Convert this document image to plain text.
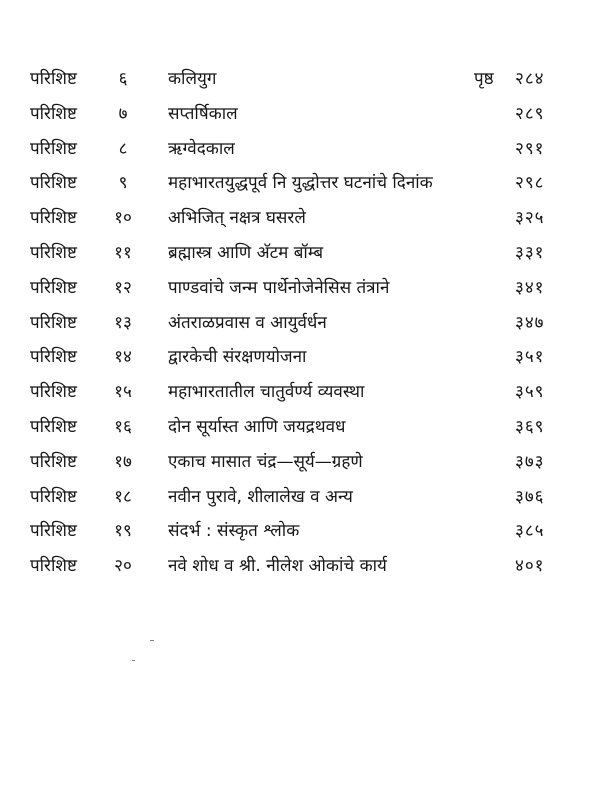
परिशिष्ट	६	कलियुग	पृष्ठ २८४
परिशिष्ट	७	सप्तर्षिकाल	२८९
परिशिष्ट	८	ऋग्वेदकाल	२९१
परिशिष्ट	९	महाभारतयुद्धपूर्व नि युद्धोत्तर घटनांचे दिनांक	२९८
परिशिष्ट	१०	अभिजित् नक्षत्र घसरले	३२५
परिशिष्ट	११	ब्रह्मास्त्र आणि अ‍ॅटम बॉम्ब	३३१
परिशिष्ट	१२	पाण्डवांचे जन्म पार्थेनोजेनेसिस तंत्राने	३४१
परिशिष्ट	१३	अंतराळप्रवास व आयुर्वर्धन	३४७
परिशिष्ट	१४	द्वारकेची संरक्षणयोजना	३५१
परिशिष्ट	१५	महाभारतातील चातुर्वर्ण्य व्यवस्था	३५९
परिशिष्ट	१६	दोन सूर्यास्त आणि जयद्रथवध	३६९
परिशिष्ट	१७	एकाच मासात चंद्र—सूर्य—ग्रहणे	३७३
परिशिष्ट	१८	नवीन पुरावे, शीलालेख व अन्य	३७६
परिशिष्ट	१९	संदर्भ : संस्कृत श्लोक	३८५
परिशिष्ट	२०	नवे शोध व श्री. नीलेश ओकांचे कार्य	४०१
